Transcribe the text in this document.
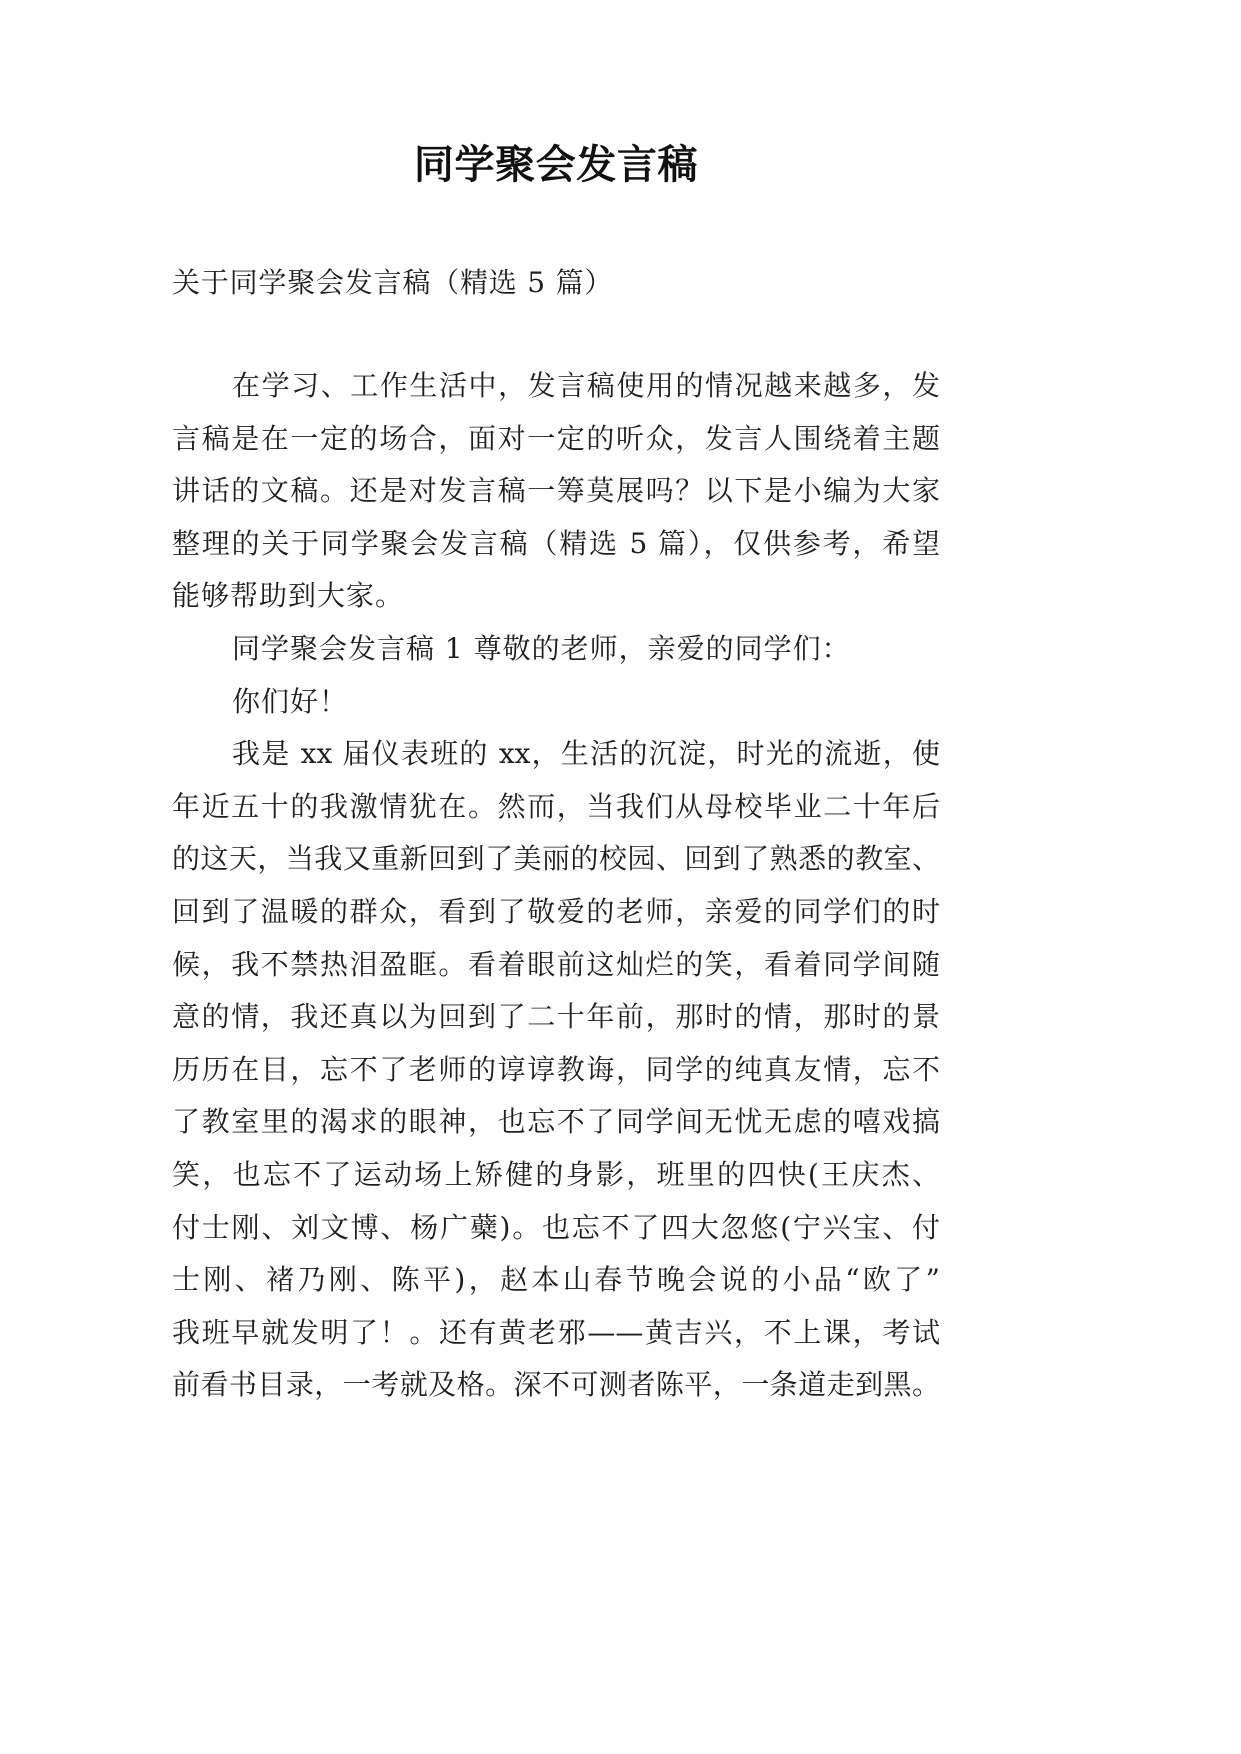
同学聚会发言稿

关于同学聚会发言稿（精选 5 篇）

在学习、工作生活中，发言稿使用的情况越来越多，发
言稿是在一定的场合，面对一定的听众，发言人围绕着主题
讲话的文稿。还是对发言稿一筹莫展吗？以下是小编为大家
整理的关于同学聚会发言稿（精选 5 篇），仅供参考，希望
能够帮助到大家。
同学聚会发言稿 1 尊敬的老师，亲爱的同学们：
你们好！
我是 xx 届仪表班的 xx，生活的沉淀，时光的流逝，使
年近五十的我激情犹在。然而，当我们从母校毕业二十年后
的这天，当我又重新回到了美丽的校园、回到了熟悉的教室、
回到了温暖的群众，看到了敬爱的老师，亲爱的同学们的时
候，我不禁热泪盈眶。看着眼前这灿烂的笑，看着同学间随
意的情，我还真以为回到了二十年前，那时的情，那时的景
历历在目，忘不了老师的谆谆教诲，同学的纯真友情，忘不
了教室里的渴求的眼神，也忘不了同学间无忧无虑的嘻戏搞
笑，也忘不了运动场上矫健的身影，班里的四快(王庆杰、
付士刚、刘文博、杨广蘗)。也忘不了四大忽悠(宁兴宝、付
士刚、褚乃刚、陈平)，赵本山春节晚会说的小品“欧了”
我班早就发明了！。还有黄老邪——黄吉兴，不上课，考试
前看书目录，一考就及格。深不可测者陈平，一条道走到黑。
